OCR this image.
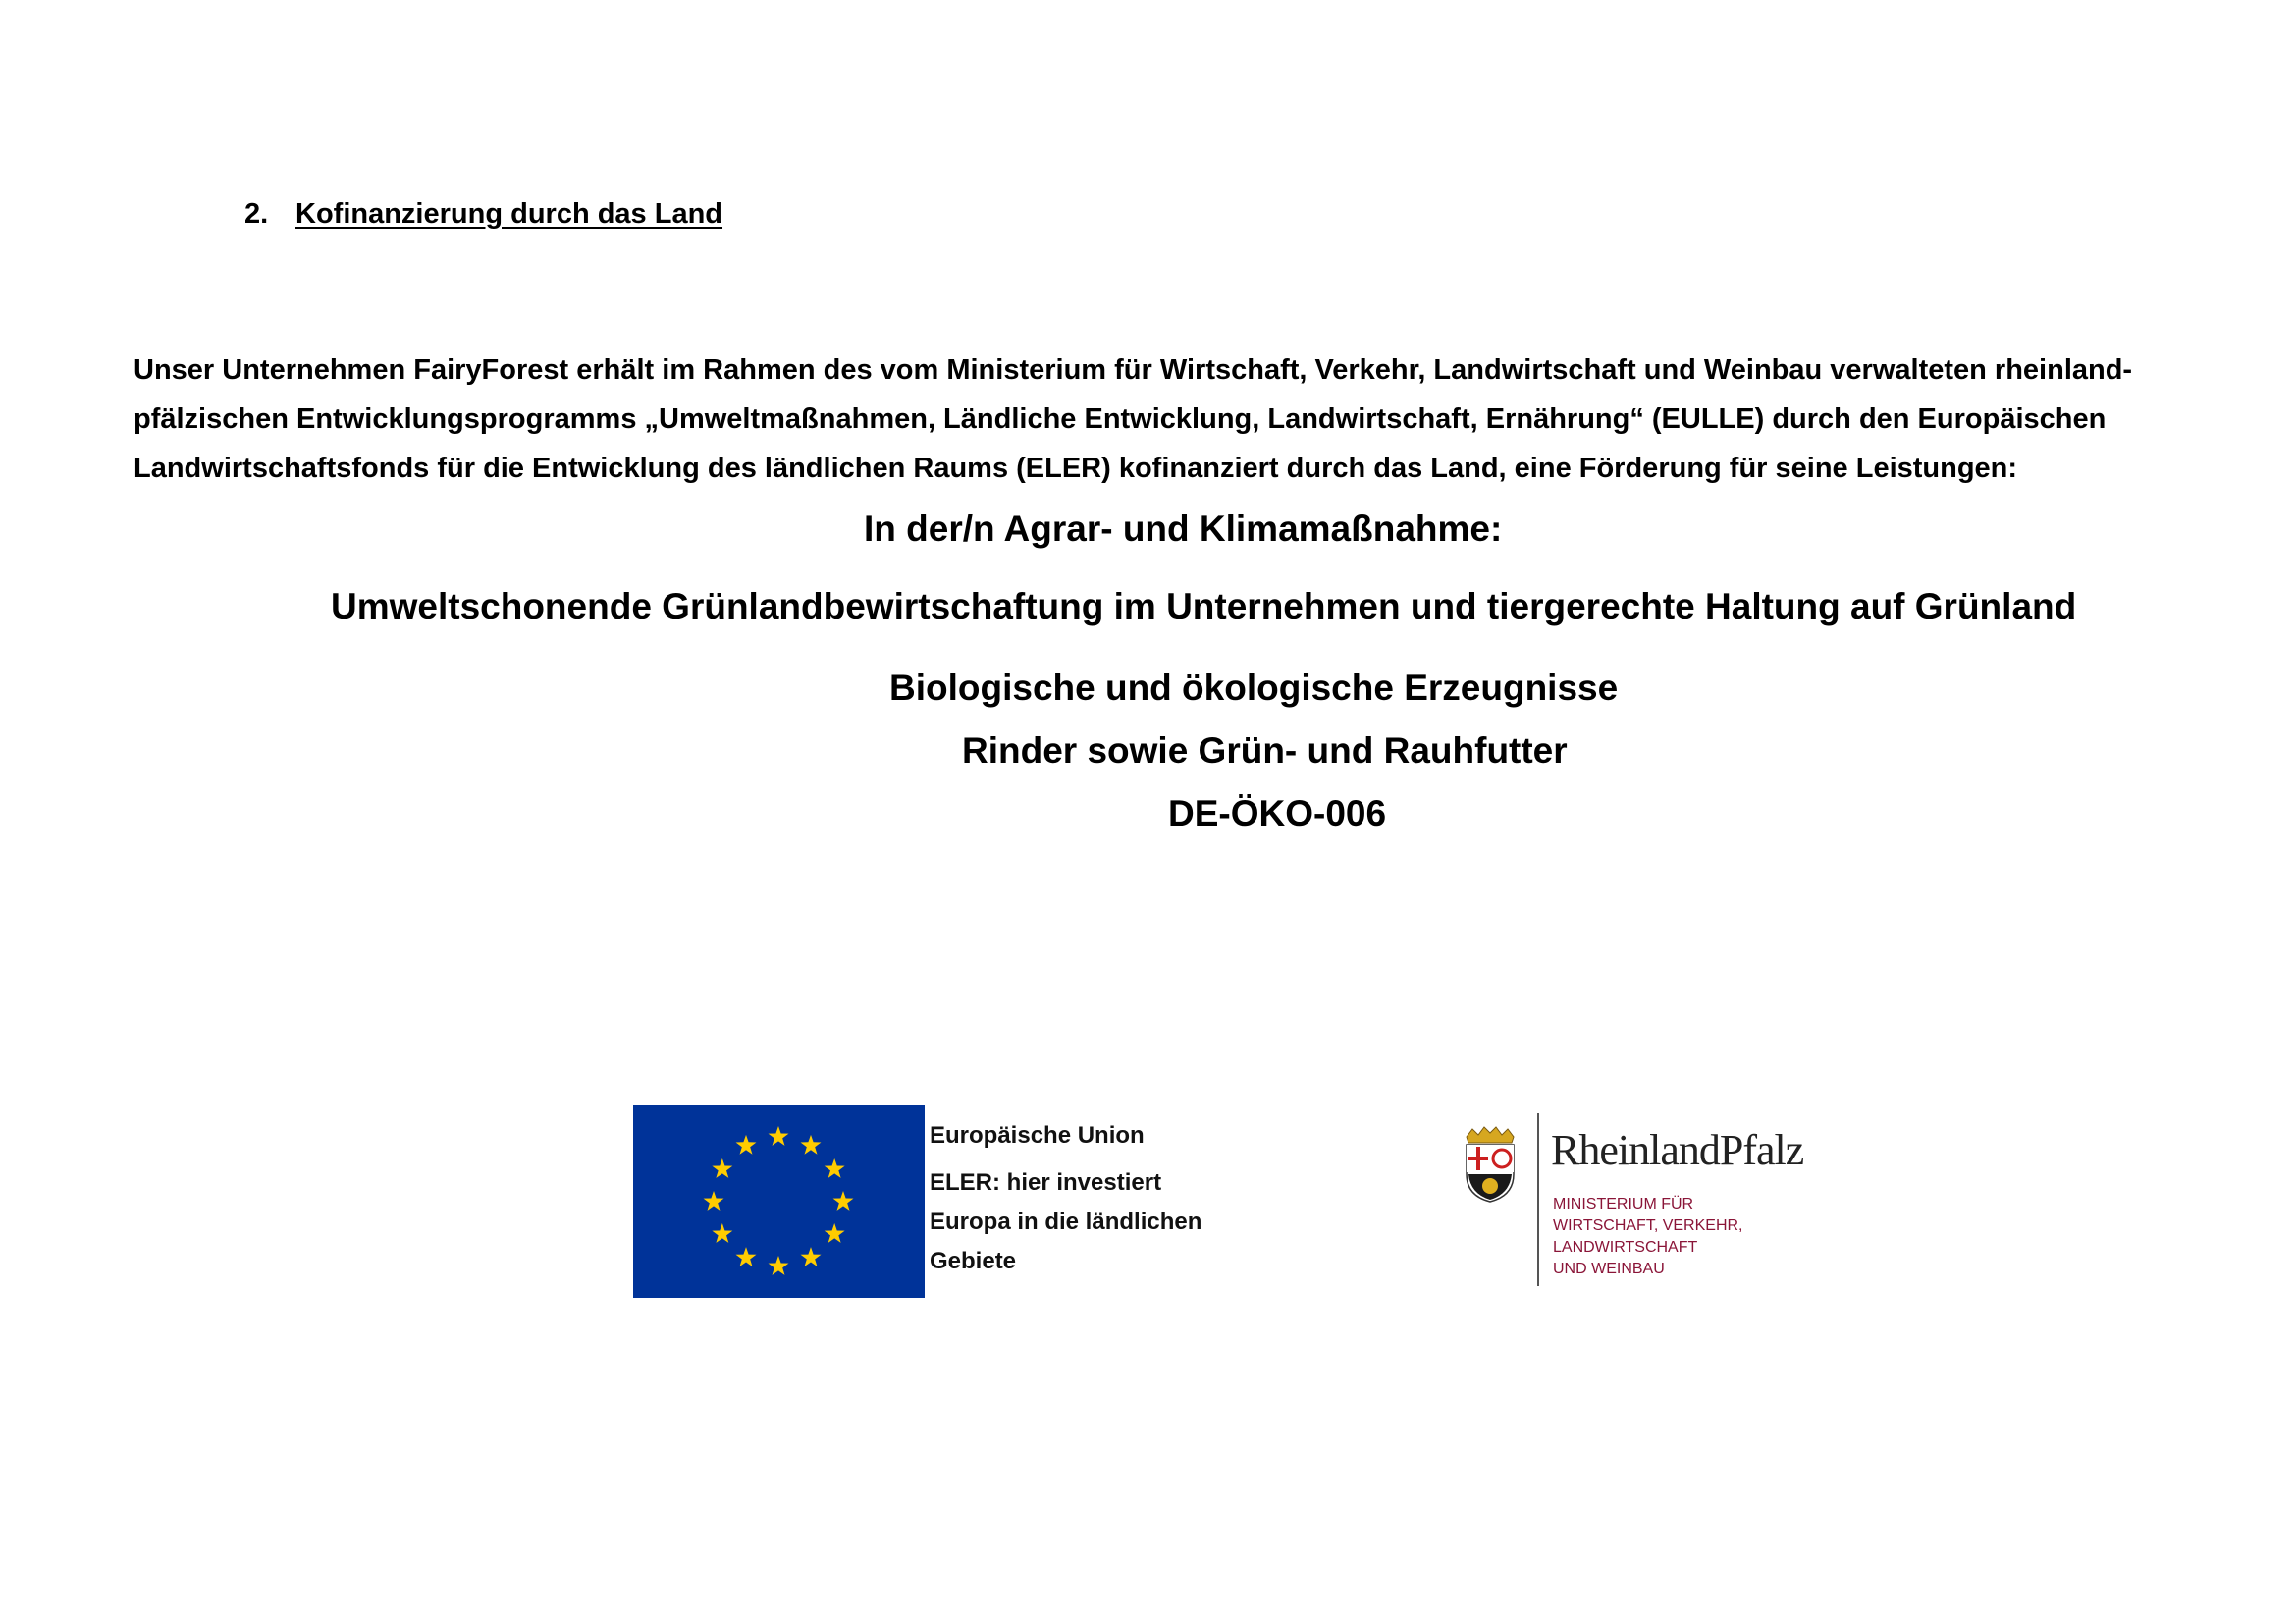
2. Kofinanzierung durch das Land

Unser Unternehmen FairyForest erhält im Rahmen des vom Ministerium für Wirtschaft, Verkehr, Landwirtschaft und Weinbau verwalteten rheinland-

pfälzischen Entwicklungsprogramms „Umweltmaßnahmen, Ländliche Entwicklung, Landwirtschaft, Ernährung“ (EULLE) durch den Europäischen

Landwirtschaftsfonds für die Entwicklung des ländlichen Raums (ELER) kofinanziert durch das Land, eine Förderung für seine Leistungen:

In der/n Agrar- und Klimamaßnahme:
Umweltschonende Grünlandbewirtschaftung im Unternehmen und tiergerechte Haltung auf Grünland
Biologische und ökologische Erzeugnisse
Rinder sowie Grün- und Rauhfutter
DE-ÖKO-006
Europäische Union
ELER: hier investiert
Europa in die ländlichen
Gebiete
RheinlandPfalz
MINISTERIUM FÜR
WIRTSCHAFT, VERKEHR,
LANDWIRTSCHAFT
UND WEINBAU
